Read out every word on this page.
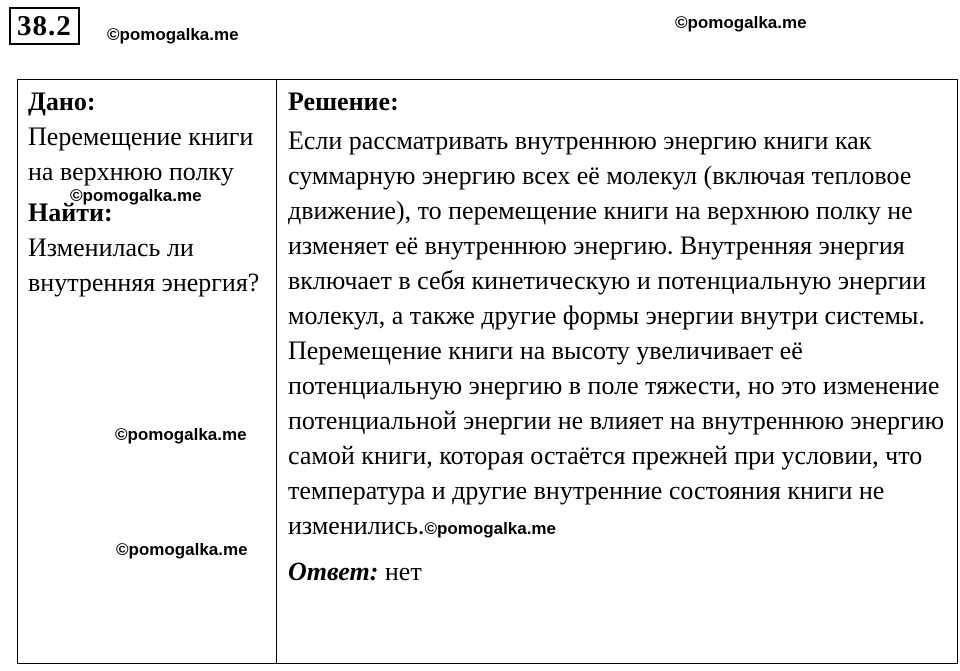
38.2	©pomogalka.me
©pomogalka.me
Дано:
Перемещение книги на верхнюю полку
Найти:
Изменилась ли внутренняя энергия?
Решение:
Если рассматривать внутреннюю энергию книги как суммарную энергию всех её молекул (включая тепловое движение), то перемещение книги на верхнюю полку не изменяет её внутреннюю энергию. Внутренняя энергия включает в себя кинетическую и потенциальную энергии молекул, а также другие формы энергии внутри системы. Перемещение книги на высоту увеличивает её потенциальную энергию в поле тяжести, но это изменение потенциальной энергии не влияет на внутреннюю энергию самой книги, которая остаётся прежней при условии, что температура и другие внутренние состояния книги не изменились.©pomogalka.me
Ответ: нет
©pomogalka.me
©pomogalka.me
©pomogalka.me
